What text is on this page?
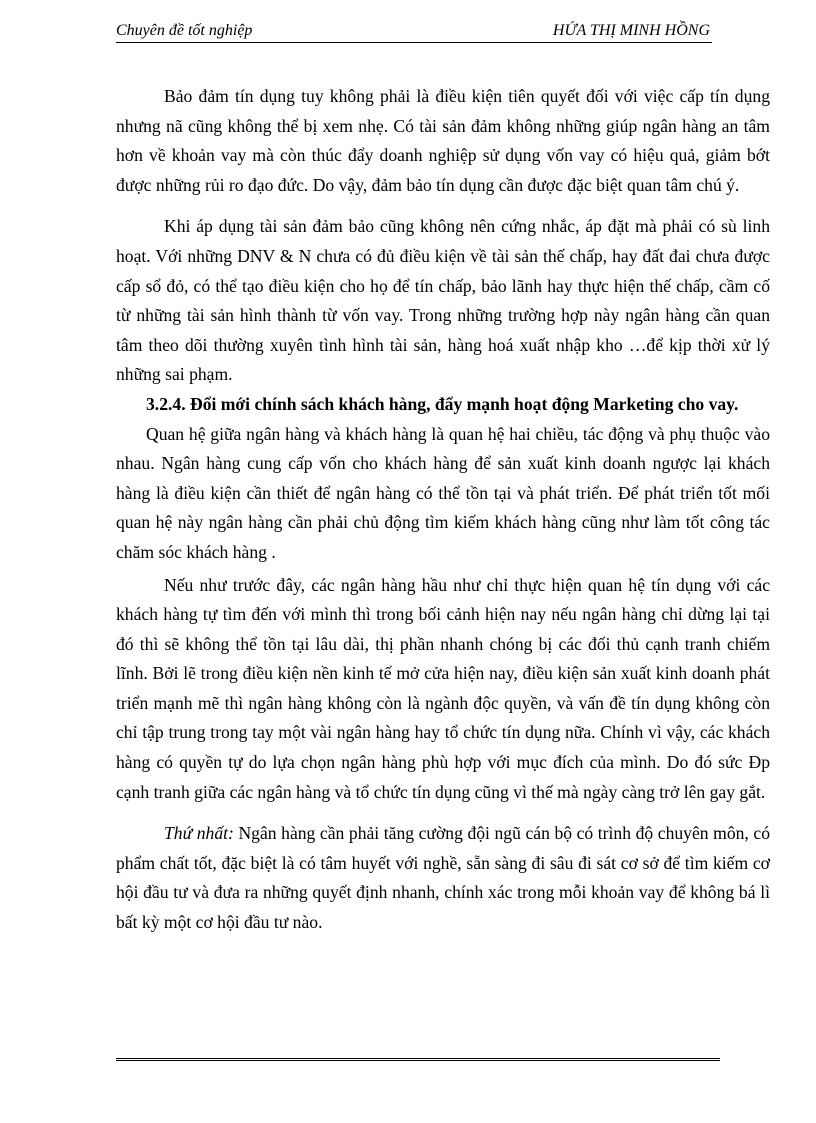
Chuyên đề tốt nghiệp	HỨA THỊ MINH HỒNG

Bảo đảm tín dụng tuy không phải là điều kiện tiên quyết đối với việc cấp tín dụng nhưng nã cũng không thể bị xem nhẹ. Có tài sản đảm không những giúp ngân hàng an tâm hơn về khoản vay mà còn thúc đẩy doanh nghiệp sử dụng vốn vay có hiệu quả, giảm bớt được những rủi ro đạo đức. Do vậy, đảm bảo tín dụng cần được đặc biệt quan tâm chú ý.

Khi áp dụng tài sản đảm bảo cũng không nên cứng nhắc, áp đặt mà phải có sù linh hoạt. Với những DNV & N chưa có đủ điều kiện về tài sản thế chấp, hay đất đai chưa được cấp sổ đỏ, có thể tạo điều kiện cho họ để tín chấp, bảo lãnh hay thực hiện thế chấp, cầm cố từ những tài sản hình thành từ vốn vay. Trong những trường hợp này ngân hàng cần quan tâm theo dõi thường xuyên tình hình tài sản, hàng hoá xuất nhập kho …để kịp thời xử lý những sai phạm.

3.2.4. Đổi mới chính sách khách hàng, đẩy mạnh hoạt động Marketing cho vay.

Quan hệ giữa ngân hàng và khách hàng là quan hệ hai chiều, tác động và phụ thuộc vào nhau. Ngân hàng cung cấp vốn cho khách hàng để sản xuất kinh doanh ngược lại khách hàng là điều kiện cần thiết để ngân hàng có thể tồn tại và phát triển. Để phát triển tốt mối quan hệ này ngân hàng cần phải chủ động tìm kiếm khách hàng cũng như làm tốt công tác chăm sóc khách hàng .

Nếu như trước đây, các ngân hàng hầu như chỉ thực hiện quan hệ tín dụng với các khách hàng tự tìm đến với mình thì trong bối cảnh hiện nay nếu ngân hàng chỉ dừng lại tại đó thì sẽ không thể tồn tại lâu dài, thị phần nhanh chóng bị các đối thủ cạnh tranh chiếm lĩnh. Bởi lẽ trong điều kiện nền kinh tế mở cửa hiện nay, điều kiện sản xuất kinh doanh phát triển mạnh mẽ thì ngân hàng không còn là ngành độc quyền, và vấn đề tín dụng không còn chỉ tập trung trong tay một vài ngân hàng hay tổ chức tín dụng nữa. Chính vì vậy, các khách hàng có quyền tự do lựa chọn ngân hàng phù hợp với mục đích của mình. Do đó sức Ðp cạnh tranh giữa các ngân hàng và tổ chức tín dụng cũng vì thế mà ngày càng trở lên gay gắt.

Thứ nhất: Ngân hàng cần phải tăng cường đội ngũ cán bộ có trình độ chuyên môn, có phẩm chất tốt, đặc biệt là có tâm huyết với nghề, sẵn sàng đi sâu đi sát cơ sở để tìm kiếm cơ hội đầu tư và đưa ra những quyết định nhanh, chính xác trong mỗi khoản vay để không bá lì bất kỳ một cơ hội đầu tư nào.
